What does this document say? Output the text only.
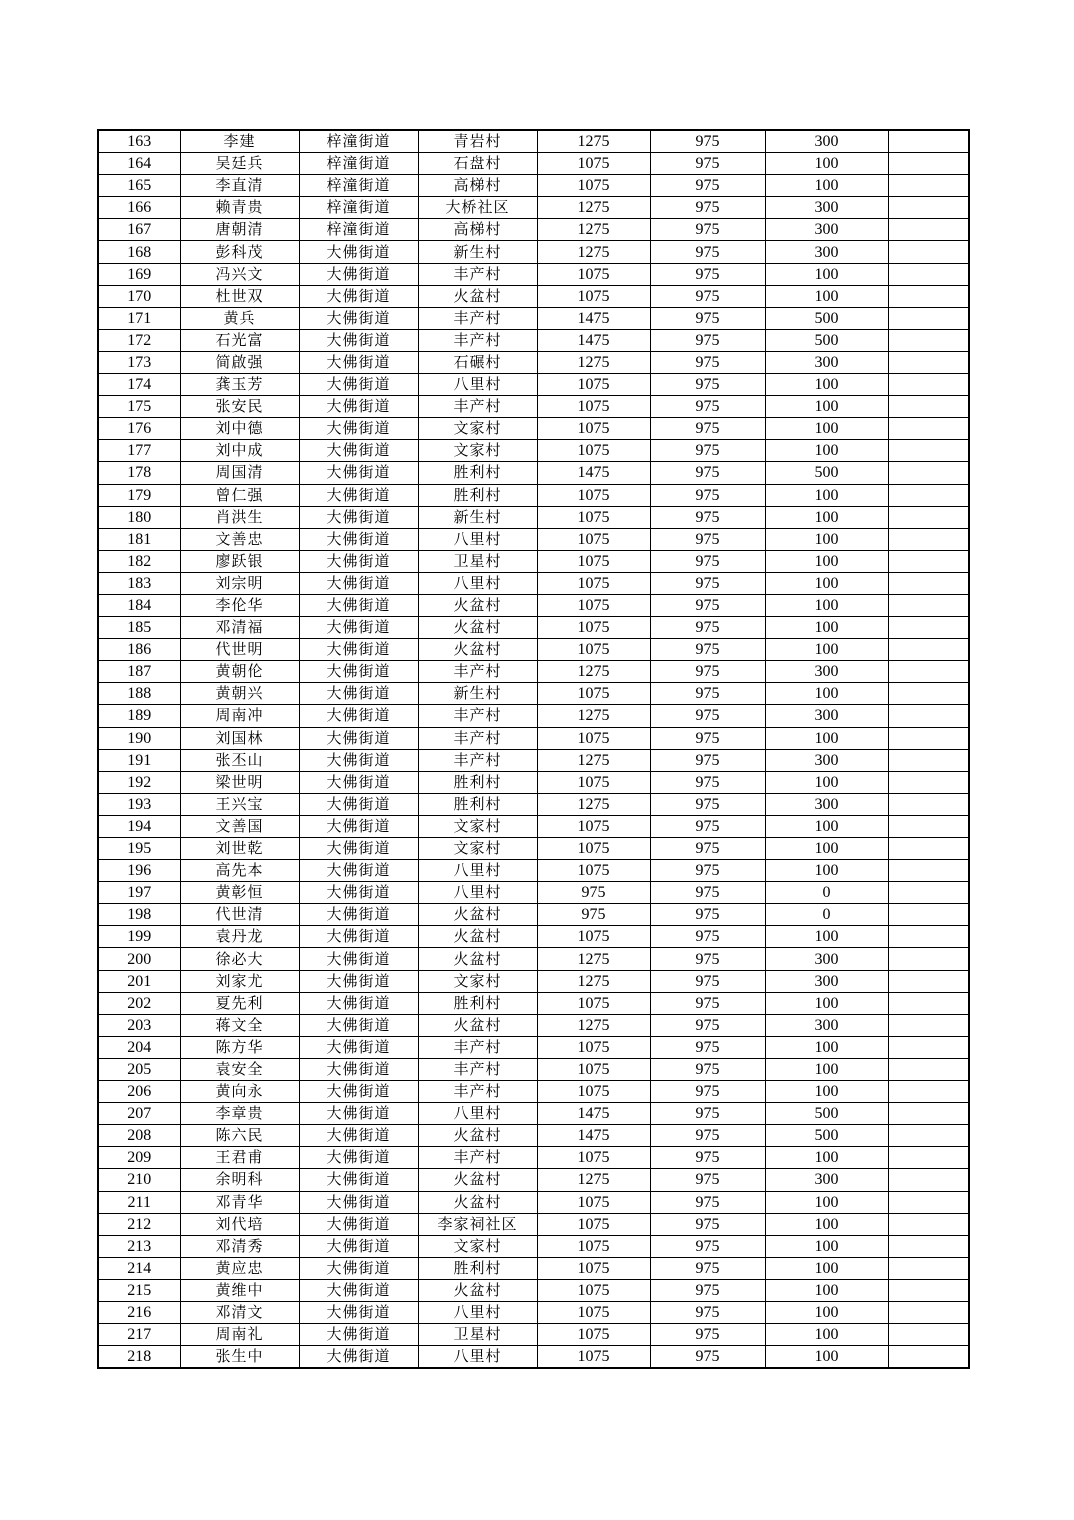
163	李建	梓潼街道	青岩村	1275	975	300	
164	吴廷兵	梓潼街道	石盘村	1075	975	100	
165	李直清	梓潼街道	高梯村	1075	975	100	
166	赖青贵	梓潼街道	大桥社区	1275	975	300	
167	唐朝清	梓潼街道	高梯村	1275	975	300	
168	彭科茂	大佛街道	新生村	1275	975	300	
169	冯兴文	大佛街道	丰产村	1075	975	100	
170	杜世双	大佛街道	火盆村	1075	975	100	
171	黄兵	大佛街道	丰产村	1475	975	500	
172	石光富	大佛街道	丰产村	1475	975	500	
173	简啟强	大佛街道	石碾村	1275	975	300	
174	龚玉芳	大佛街道	八里村	1075	975	100	
175	张安民	大佛街道	丰产村	1075	975	100	
176	刘中德	大佛街道	文家村	1075	975	100	
177	刘中成	大佛街道	文家村	1075	975	100	
178	周国清	大佛街道	胜利村	1475	975	500	
179	曾仁强	大佛街道	胜利村	1075	975	100	
180	肖洪生	大佛街道	新生村	1075	975	100	
181	文善忠	大佛街道	八里村	1075	975	100	
182	廖跃银	大佛街道	卫星村	1075	975	100	
183	刘宗明	大佛街道	八里村	1075	975	100	
184	李伦华	大佛街道	火盆村	1075	975	100	
185	邓清福	大佛街道	火盆村	1075	975	100	
186	代世明	大佛街道	火盆村	1075	975	100	
187	黄朝伦	大佛街道	丰产村	1275	975	300	
188	黄朝兴	大佛街道	新生村	1075	975	100	
189	周南冲	大佛街道	丰产村	1275	975	300	
190	刘国林	大佛街道	丰产村	1075	975	100	
191	张丕山	大佛街道	丰产村	1275	975	300	
192	梁世明	大佛街道	胜利村	1075	975	100	
193	王兴宝	大佛街道	胜利村	1275	975	300	
194	文善国	大佛街道	文家村	1075	975	100	
195	刘世乾	大佛街道	文家村	1075	975	100	
196	高先本	大佛街道	八里村	1075	975	100	
197	黄彰恒	大佛街道	八里村	975	975	0	
198	代世清	大佛街道	火盆村	975	975	0	
199	袁丹龙	大佛街道	火盆村	1075	975	100	
200	徐必大	大佛街道	火盆村	1275	975	300	
201	刘家尤	大佛街道	文家村	1275	975	300	
202	夏先利	大佛街道	胜利村	1075	975	100	
203	蒋文全	大佛街道	火盆村	1275	975	300	
204	陈方华	大佛街道	丰产村	1075	975	100	
205	袁安全	大佛街道	丰产村	1075	975	100	
206	黄向永	大佛街道	丰产村	1075	975	100	
207	李章贵	大佛街道	八里村	1475	975	500	
208	陈六民	大佛街道	火盆村	1475	975	500	
209	王君甫	大佛街道	丰产村	1075	975	100	
210	余明科	大佛街道	火盆村	1275	975	300	
211	邓青华	大佛街道	火盆村	1075	975	100	
212	刘代培	大佛街道	李家祠社区	1075	975	100	
213	邓清秀	大佛街道	文家村	1075	975	100	
214	黄应忠	大佛街道	胜利村	1075	975	100	
215	黄维中	大佛街道	火盆村	1075	975	100	
216	邓清文	大佛街道	八里村	1075	975	100	
217	周南礼	大佛街道	卫星村	1075	975	100	
218	张生中	大佛街道	八里村	1075	975	100	
